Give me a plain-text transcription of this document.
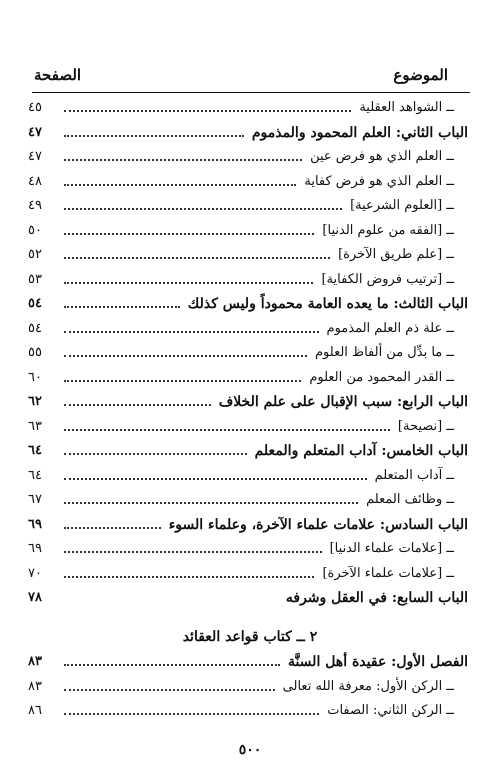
الموضوع
الصفحة
ــ الشواهد العقلية
٤٥
الباب الثاني: العلم المحمود والمذموم
٤٧
ــ العلم الذي هو فرض عين
٤٧
ــ العلم الذي هو فرض كفاية
٤٨
ــ [العلوم الشرعية]
٤٩
ــ [الفقه من علوم الدنيا]
٥٠
ــ [علم طريق الآخرة]
٥٢
ــ [ترتيب فروض الكفاية]
٥٣
الباب الثالث: ما يعده العامة محموداً وليس كذلك
٥٤
ــ علة ذم العلم المذموم
٥٤
ــ ما بدِّل من ألفاظ العلوم
٥٥
ــ القدر المحمود من العلوم
٦٠
الباب الرابع: سبب الإقبال على علم الخلاف
٦٢
ــ [نصيحة]
٦٣
الباب الخامس: آداب المتعلم والمعلم
٦٤
ــ آداب المتعلم
٦٤
ــ وظائف المعلم
٦٧
الباب السادس: علامات علماء الآخرة، وعلماء السوء
٦٩
ــ [علامات علماء الدنيا]
٦٩
ــ [علامات علماء الآخرة]
٧٠
الباب السابع: في العقل وشرفه
٧٨
٢ ــ كتاب قواعد العقائد
الفصل الأول: عقيدة أهل السنَّة
٨٣
ــ الركن الأول: معرفة الله تعالى
٨٣
ــ الركن الثاني: الصفات
٨٦
٥٠٠
